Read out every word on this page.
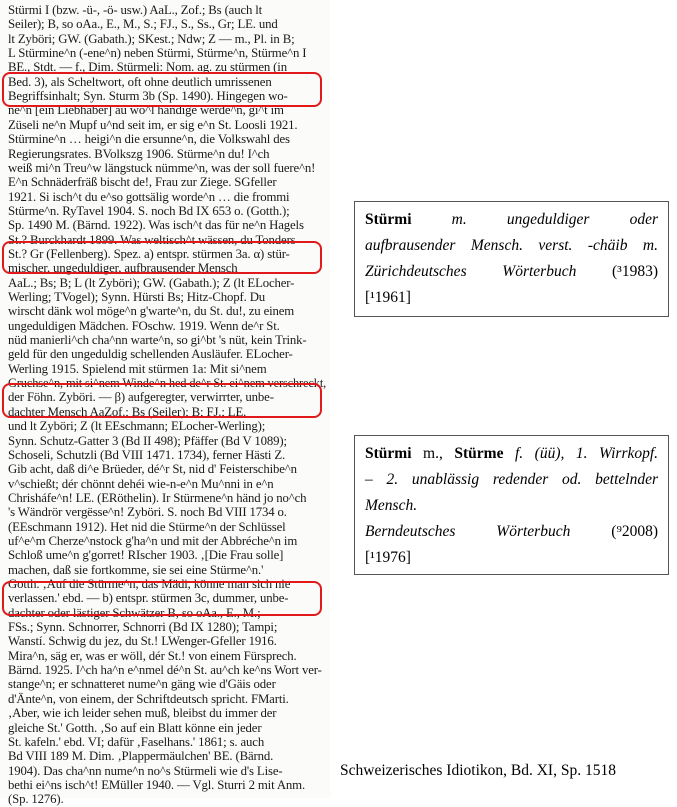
Stürmi I (bzw. -ü-, -ö- usw.) AaL., Zof.; Bs (auch lt
Seiler); B, so oAa., E., M., S.; FJ., S., Ss., Gr; LE. und
lt Zyböri; GW. (Gabath.); SKest.; Ndw; Z — m., Pl. in B;
L Stürmine^n (-ene^n) neben Stürmi, Stürme^n, Stürme^n I
BE., Stdt. — f., Dim. Stürmeli: Nom. ag. zu stürmen (in
Bed. 3), als Scheltwort, oft ohne deutlich umrissenen
Begriffsinhalt; Syn. Sturm 3b (Sp. 1490). Hingegen wo-
ne^n [ein Liebhaber] au wo^l händige werde^n, gi^t im
Züseli ne^n Mupf u^nd seit im, er sig e^n St. Loosli 1921.
Stürmine^n … heigi^n die ersunne^n, die Volkswahl des
Regierungsrates. BVolkszg 1906. Stürme^n du! I^ch
weiß mi^n Treu^w längstuck nümme^n, was der soll fuere^n!
E^n Schnäderfräß bischt de!, Frau zur Ziege. SGfeller
1921. Si isch^t du e^so gottsälig worde^n … die frommi
Stürme^n. RyTavel 1904. S. noch Bd IX 653 o. (Gotth.);
Sp. 1490 M. (Bärnd. 1922). Was isch^t das für ne^n Hagels
St.? Burckhardt 1899. Was weltisch^t wässen, du Tonders
St.? Gr (Fellenberg). Spez. a) entspr. stürmen 3a. α) stür-
mischer, ungeduldiger, aufbrausender Mensch
AaL.; Bs; B; L (lt Zyböri); GW. (Gabath.); Z (lt ELocher-
Werling; TVogel); Synn. Hürsti Bs; Hitz-Chopf. Du
wirscht dänk wol möge^n g'warte^n, du St. du!, zu einem
ungeduldigen Mädchen. FOschw. 1919. Wenn de^r St.
nüd manierli^ch cha^nn warte^n, so gi^bt 's nüt, kein Trink-
geld für den ungeduldig schellenden Ausläufer. ELocher-
Werling 1915. Spielend mit stürmen 1a: Mit si^nem
Gruchse^n, mit si^nem Winde^n hed de^r St. ei^nem verschreckt,
der Föhn. Zyböri. — β) aufgeregter, verwirrter, unbe-
dachter Mensch AaZof.; Bs (Seiler); B; FJ.; LE.
und lt Zyböri; Z (lt EEschmann; ELocher-Werling);
Synn. Schutz-Gatter 3 (Bd II 498); Pfäffer (Bd V 1089);
Schoseli, Schutzli (Bd VIII 1471. 1734), ferner Hästi Z.
Gib acht, daß di^e Brüeder, dé^r St, nid d' Feisterschibe^n
v^schießt; dér chönnt dehéi wie-n-e^n Mu^nni in e^n
Chrisháfe^n! LE. (ERöthelin). Ir Stürmene^n händ jo no^ch
's Wändrör vergësse^n! Zyböri. S. noch Bd VIII 1734 o.
(EEschmann 1912). Het nid die Stürme^n der Schlüssel
uf^e^m Cherze^nstock g'ha^n und mit der Abbréche^n im
Schloß ume^n g'gorret! RIscher 1903. ‚[Die Frau solle]
machen, daß sie fortkomme, sie sei eine Stürme^n.'
Gotth. ‚Auf die Stürme^n, das Mädi, könne man sich nie
verlassen.' ebd. — b) entspr. stürmen 3c, dummer, unbe-
dachter oder lästiger Schwätzer B, so oAa., E., M.;
FSs.; Synn. Schnorrer, Schnorri (Bd IX 1280); Tampi;
Wanstí. Schwig du jez, du St.! LWenger-Gfeller 1916.
Mira^n, säg er, was er wöll, dér St.! von einem Fürsprech.
Bärnd. 1925. I^ch ha^n e^nmel dé^n St. au^ch ke^ns Wort ver-
stange^n; er schnatteret nume^n gäng wie d'Gäis oder
d'Änte^n, von einem, der Schriftdeutsch spricht. FMarti.
‚Aber, wie ich leider sehen muß, bleibst du immer der
gleiche St.' Gotth. ‚So auf ein Blatt könne ein jeder
St. kafeln.' ebd. VI; dafür ‚Faselhans.' 1861; s. auch
Bd VIII 189 M. Dim. ‚Plappermäulchen' BE. (Bärnd.
1904). Das cha^nn nume^n no^s Stürmeli wie d's Lise-
bethi ei^ns isch^t! EMüller 1940. — Vgl. Sturri 2 mit Anm.
(Sp. 1276).
Stürmi	m. ungeduldiger oder
aufbrausender Mensch. verst. -chäib m.
Zürichdeutsches Wörterbuch (³1983)
[¹1961]
Stürmi m., Stürme f. (üü), 1. Wirrkopf.
– 2. unablässig redender od. bettelnder
Mensch.
Berndeutsches Wörterbuch	(⁹2008)
[¹1976]
Schweizerisches Idiotikon, Bd. XI, Sp. 1518
